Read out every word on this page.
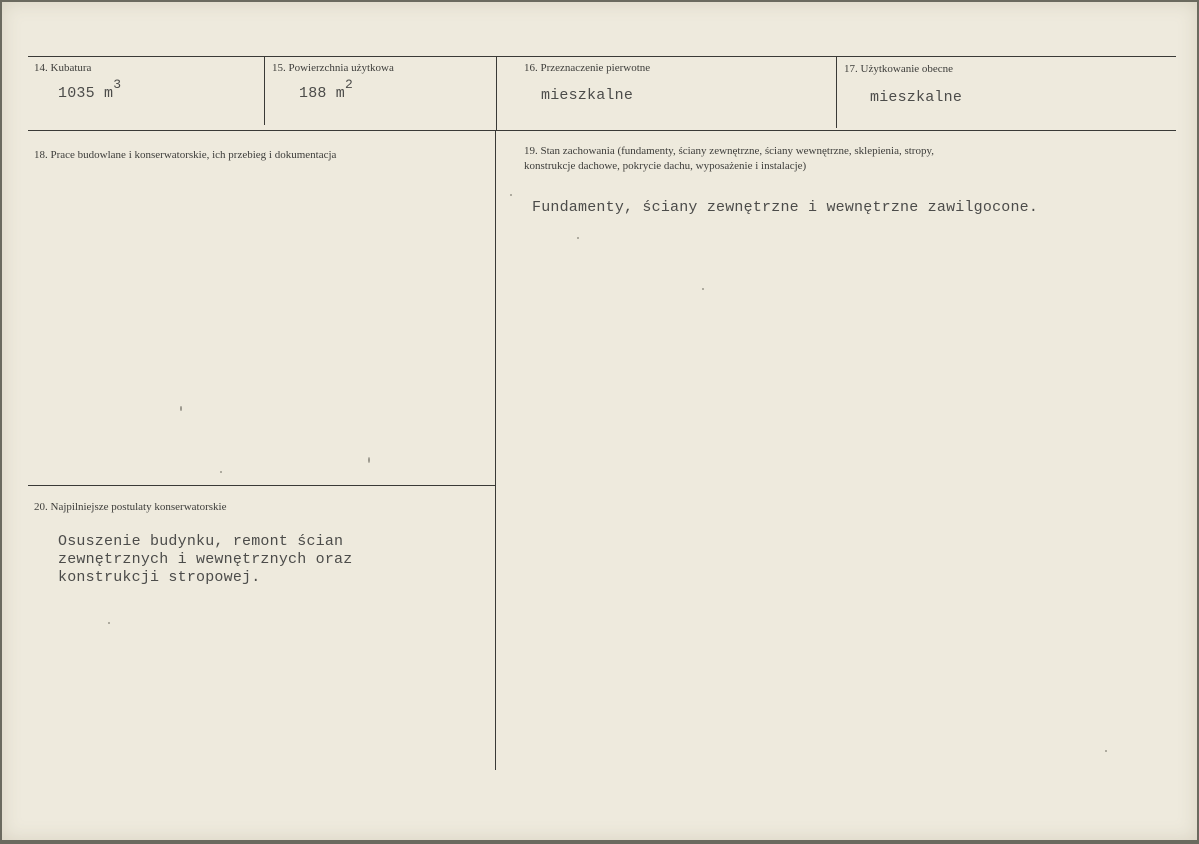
14. Kubatura
1035 m3
15. Powierzchnia użytkowa
188 m2
16. Przeznaczenie pierwotne
mieszkalne
17. Użytkowanie obecne
mieszkalne
18. Prace budowlane i konserwatorskie, ich przebieg i dokumentacja	19. Stan zachowania (fundamenty, ściany zewnętrzne, ściany wewnętrzne, sklepienia, stropy,
konstrukcje dachowe, pokrycie dachu, wyposażenie i instalacje)
Fundamenty, ściany zewnętrzne i wewnętrzne zawilgocone.
20. Najpilniejsze postulaty konserwatorskie
Osuszenie budynku, remont ścian
zewnętrznych i wewnętrznych oraz
konstrukcji stropowej.
